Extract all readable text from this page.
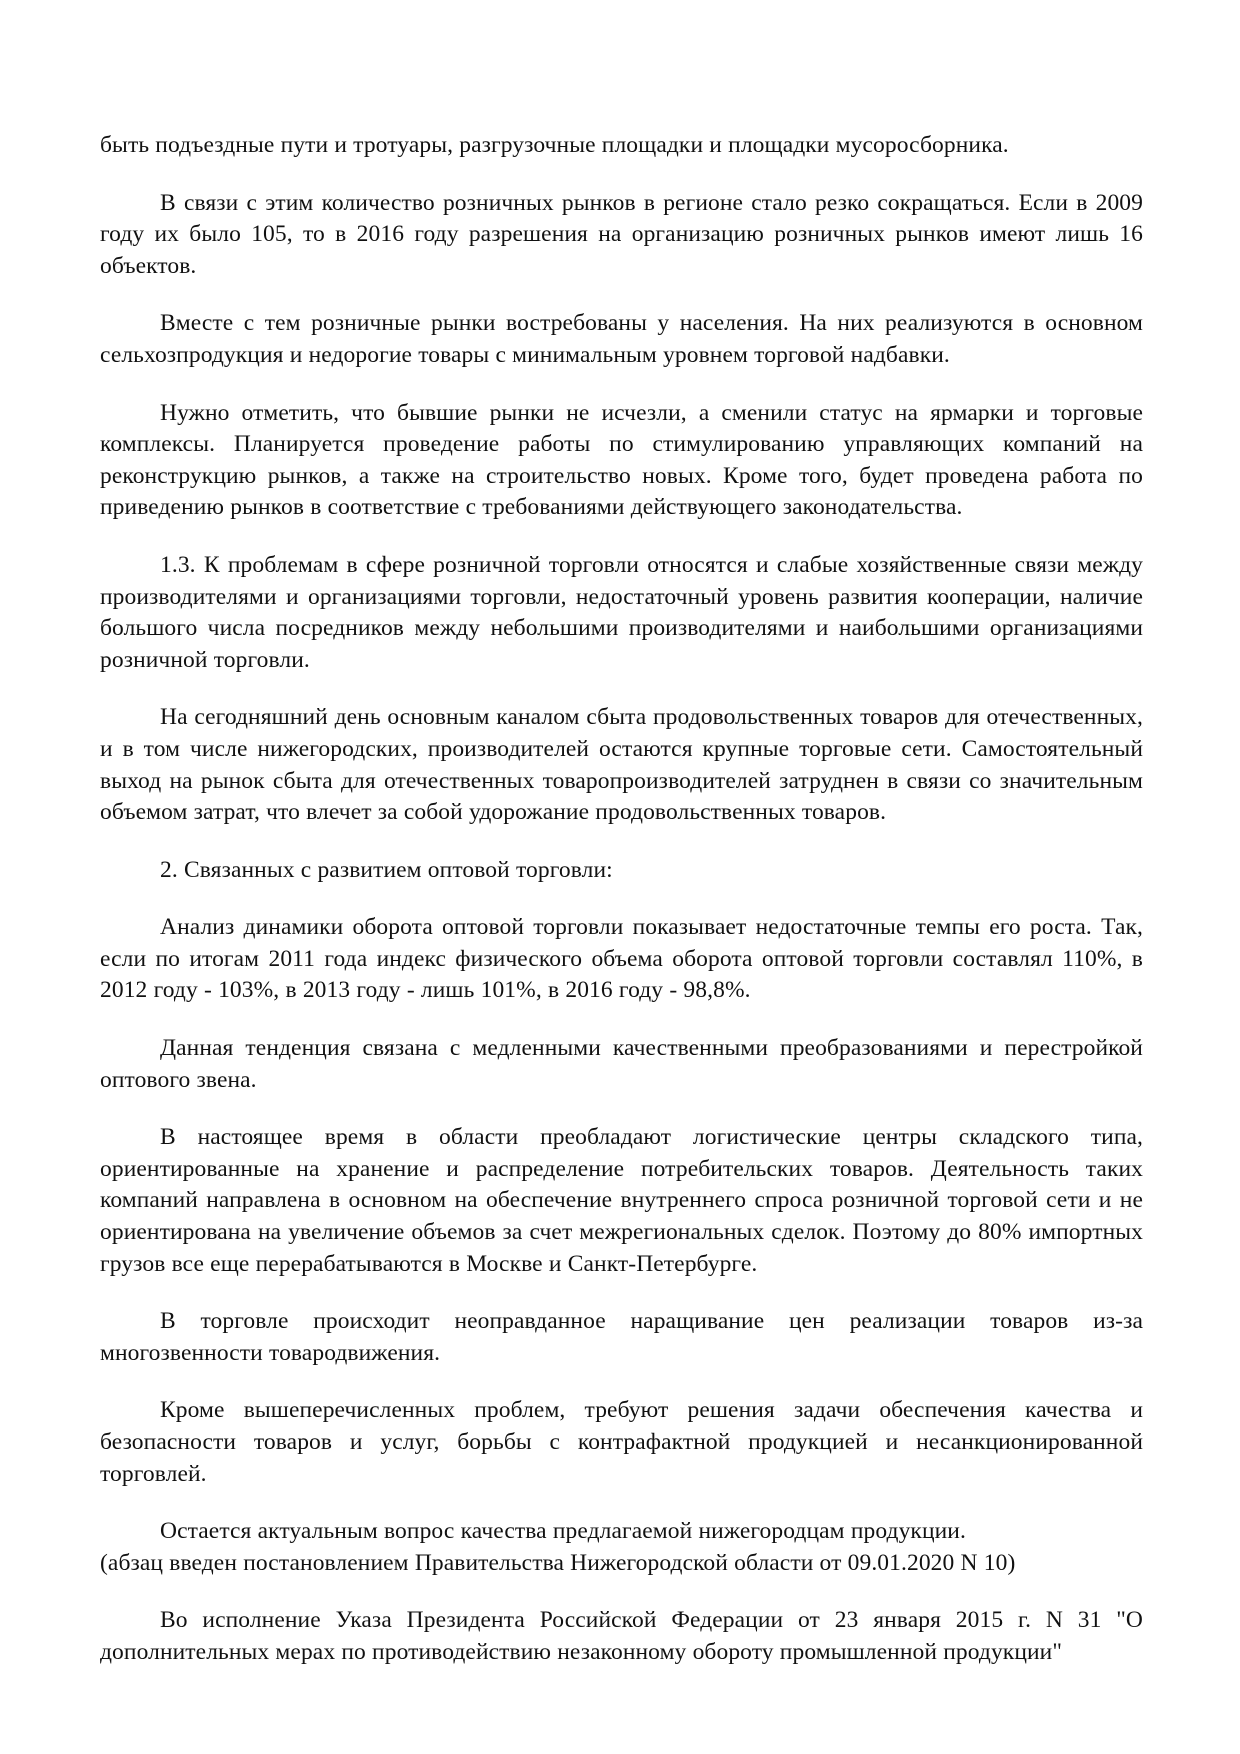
быть подъездные пути и тротуары, разгрузочные площадки и площадки мусоросборника.

В связи с этим количество розничных рынков в регионе стало резко сокращаться. Если в 2009 году их было 105, то в 2016 году разрешения на организацию розничных рынков имеют лишь 16 объектов.

Вместе с тем розничные рынки востребованы у населения. На них реализуются в основном сельхозпродукция и недорогие товары с минимальным уровнем торговой надбавки.

Нужно отметить, что бывшие рынки не исчезли, а сменили статус на ярмарки и торговые комплексы. Планируется проведение работы по стимулированию управляющих компаний на реконструкцию рынков, а также на строительство новых. Кроме того, будет проведена работа по приведению рынков в соответствие с требованиями действующего законодательства.

1.3. К проблемам в сфере розничной торговли относятся и слабые хозяйственные связи между производителями и организациями торговли, недостаточный уровень развития кооперации, наличие большого числа посредников между небольшими производителями и наибольшими организациями розничной торговли.

На сегодняшний день основным каналом сбыта продовольственных товаров для отечественных, и в том числе нижегородских, производителей остаются крупные торговые сети. Самостоятельный выход на рынок сбыта для отечественных товаропроизводителей затруднен в связи со значительным объемом затрат, что влечет за собой удорожание продовольственных товаров.

2. Связанных с развитием оптовой торговли:

Анализ динамики оборота оптовой торговли показывает недостаточные темпы его роста. Так, если по итогам 2011 года индекс физического объема оборота оптовой торговли составлял 110%, в 2012 году - 103%, в 2013 году - лишь 101%, в 2016 году - 98,8%.

Данная тенденция связана с медленными качественными преобразованиями и перестройкой оптового звена.

В настоящее время в области преобладают логистические центры складского типа, ориентированные на хранение и распределение потребительских товаров. Деятельность таких компаний направлена в основном на обеспечение внутреннего спроса розничной торговой сети и не ориентирована на увеличение объемов за счет межрегиональных сделок. Поэтому до 80% импортных грузов все еще перерабатываются в Москве и Санкт-Петербурге.

В торговле происходит неоправданное наращивание цен реализации товаров из-за многозвенности товародвижения.

Кроме вышеперечисленных проблем, требуют решения задачи обеспечения качества и безопасности товаров и услуг, борьбы с контрафактной продукцией и несанкционированной торговлей.

Остается актуальным вопрос качества предлагаемой нижегородцам продукции.

(абзац введен постановлением Правительства Нижегородской области от 09.01.2020 N 10)

Во исполнение Указа Президента Российской Федерации от 23 января 2015 г. N 31 "О дополнительных мерах по противодействию незаконному обороту промышленной продукции"
